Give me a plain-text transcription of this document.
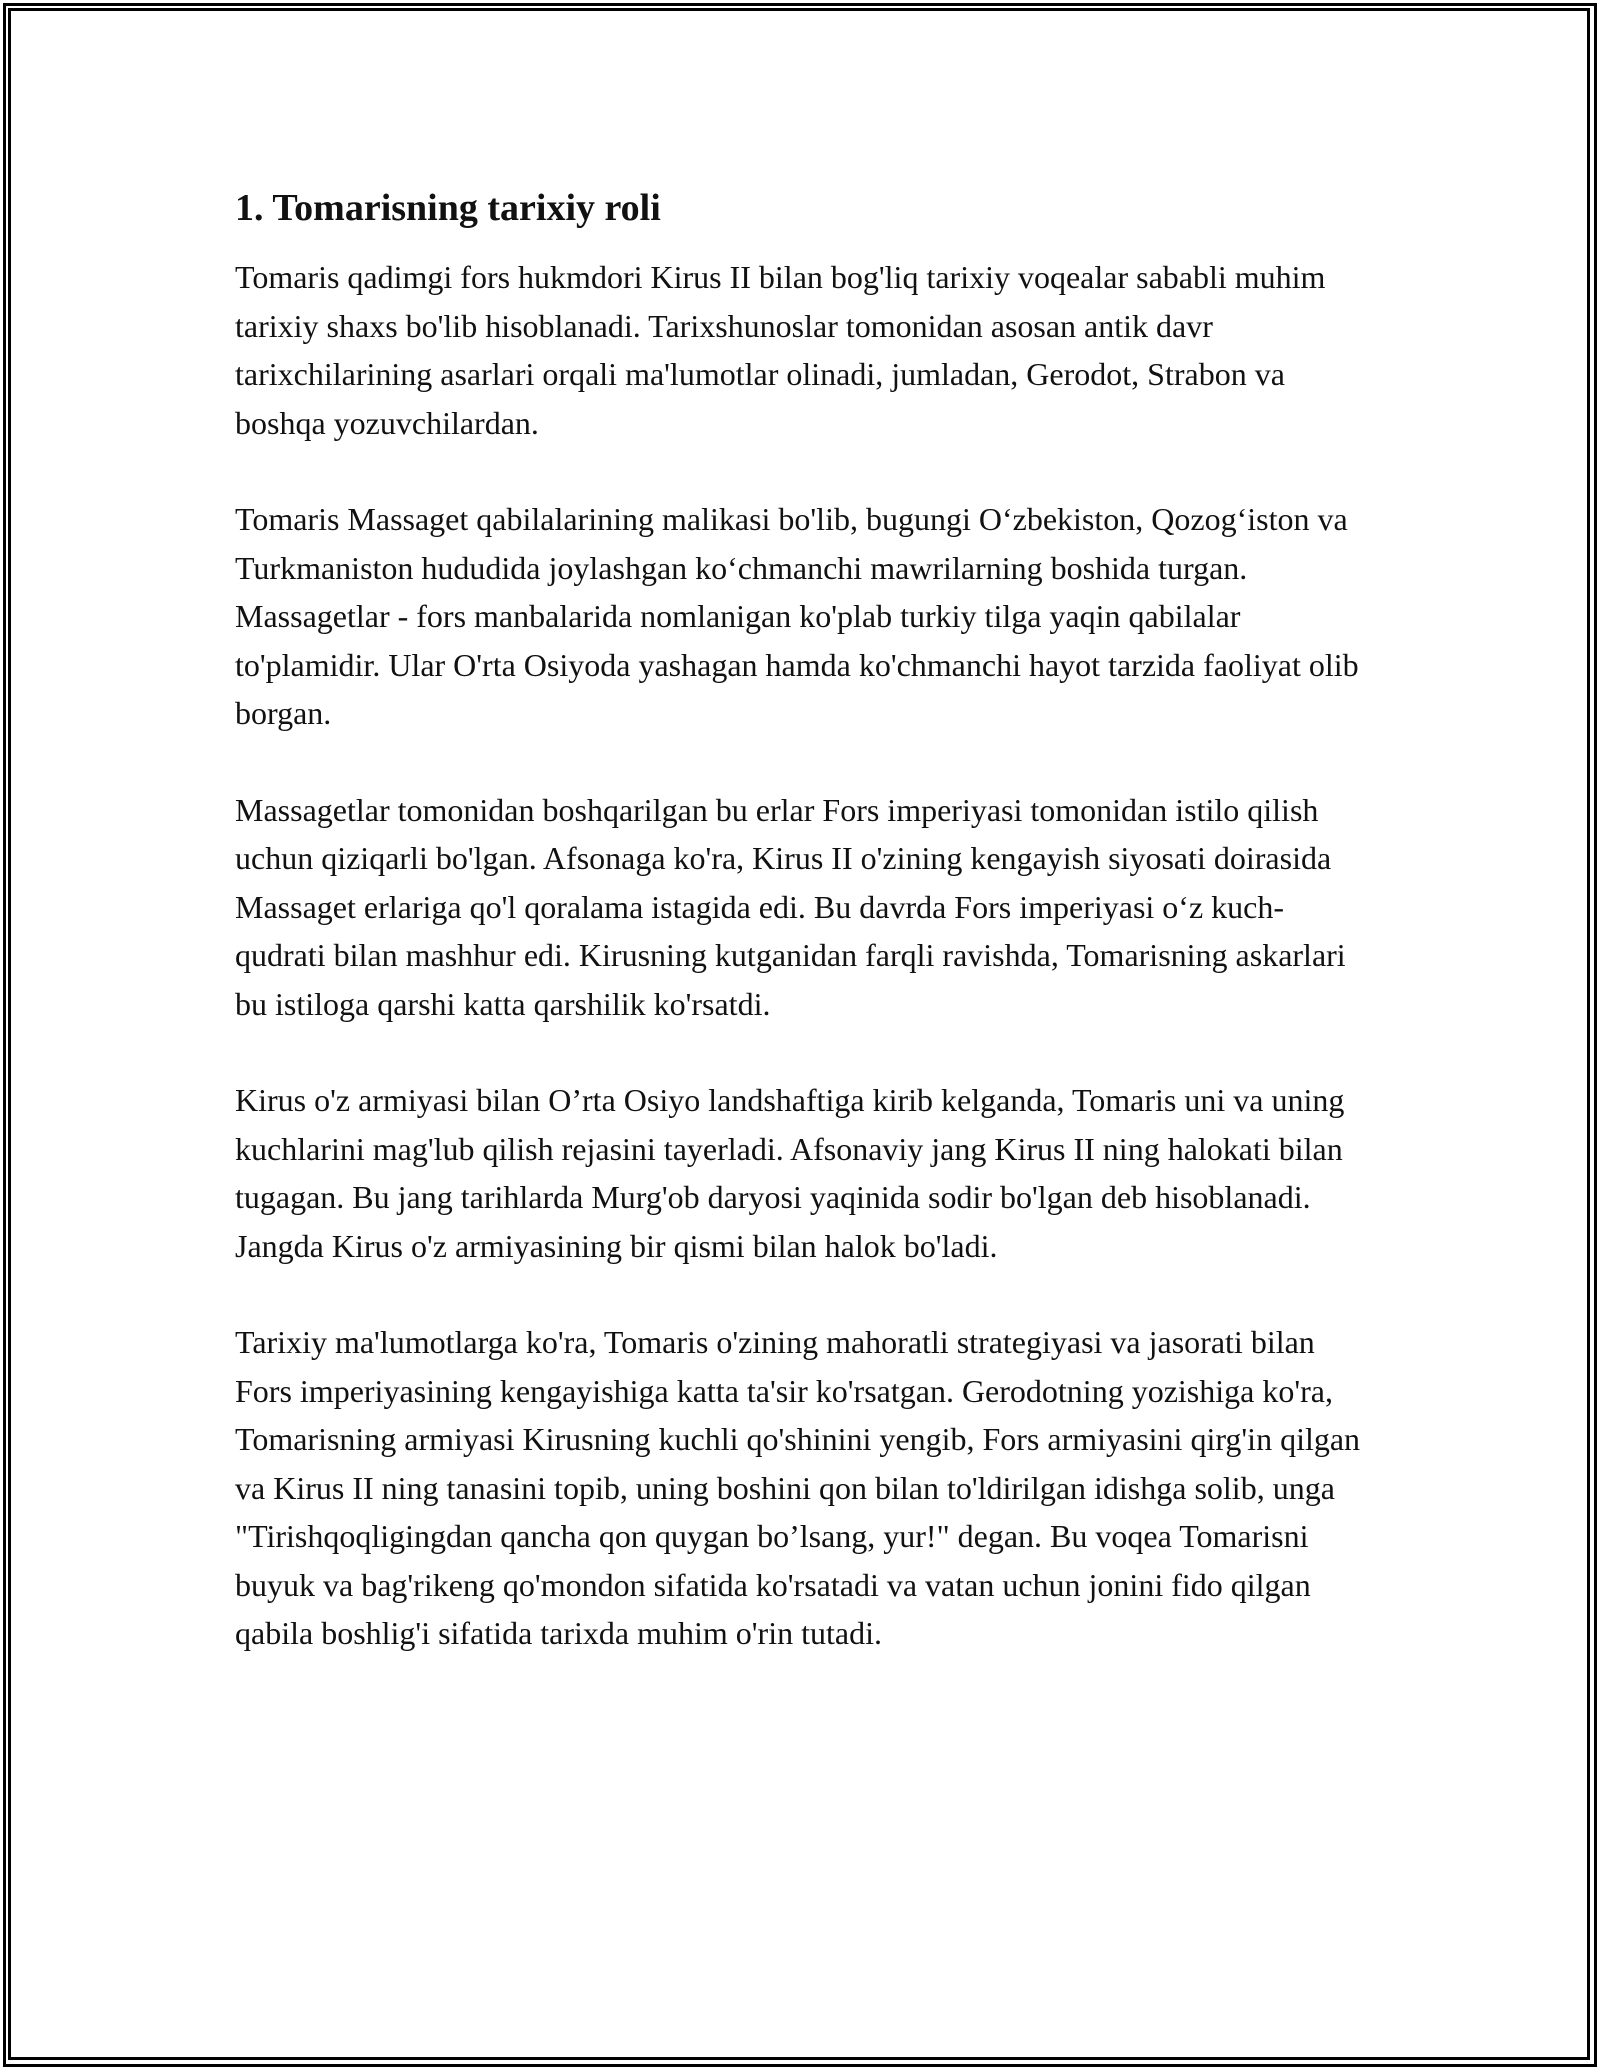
1. Tomarisning tarixiy roli

Tomaris qadimgi fors hukmdori Kirus II bilan bog'liq tarixiy voqealar sababli muhim tarixiy shaxs bo'lib hisoblanadi. Tarixshunoslar tomonidan asosan antik davr tarixchilarining asarlari orqali ma'lumotlar olinadi, jumladan, Gerodot, Strabon va boshqa yozuvchilardan.

Tomaris Massaget qabilalarining malikasi bo'lib, bugungi O‘zbekiston, Qozog‘iston va Turkmaniston hududida joylashgan ko‘chmanchi mawrilarning boshida turgan. Massagetlar - fors manbalarida nomlanigan ko'plab turkiy tilga yaqin qabilalar to'plamidir. Ular O'rta Osiyoda yashagan hamda ko'chmanchi hayot tarzida faoliyat olib borgan.

Massagetlar tomonidan boshqarilgan bu erlar Fors imperiyasi tomonidan istilo qilish uchun qiziqarli bo'lgan. Afsonaga ko'ra, Kirus II o'zining kengayish siyosati doirasida Massaget erlariga qo'l qoralama istagida edi. Bu davrda Fors imperiyasi o‘z kuch-qudrati bilan mashhur edi. Kirusning kutganidan farqli ravishda, Tomarisning askarlari bu istiloga qarshi katta qarshilik ko'rsatdi.

Kirus o'z armiyasi bilan O’rta Osiyo landshaftiga kirib kelganda, Tomaris uni va uning kuchlarini mag'lub qilish rejasini tayerladi. Afsonaviy jang Kirus II ning halokati bilan tugagan. Bu jang tarihlarda Murg'ob daryosi yaqinida sodir bo'lgan deb hisoblanadi. Jangda Kirus o'z armiyasining bir qismi bilan halok bo'ladi.

Tarixiy ma'lumotlarga ko'ra, Tomaris o'zining mahoratli strategiyasi va jasorati bilan Fors imperiyasining kengayishiga katta ta'sir ko'rsatgan. Gerodotning yozishiga ko'ra, Tomarisning armiyasi Kirusning kuchli qo'shinini yengib, Fors armiyasini qirg'in qilgan va Kirus II ning tanasini topib, uning boshini qon bilan to'ldirilgan idishga solib, unga "Tirishqoqligingdan qancha qon quygan bo’lsang, yur!" degan. Bu voqea Tomarisni buyuk va bag'rikeng qo'mondon sifatida ko'rsatadi va vatan uchun jonini fido qilgan qabila boshlig'i sifatida tarixda muhim o'rin tutadi.
